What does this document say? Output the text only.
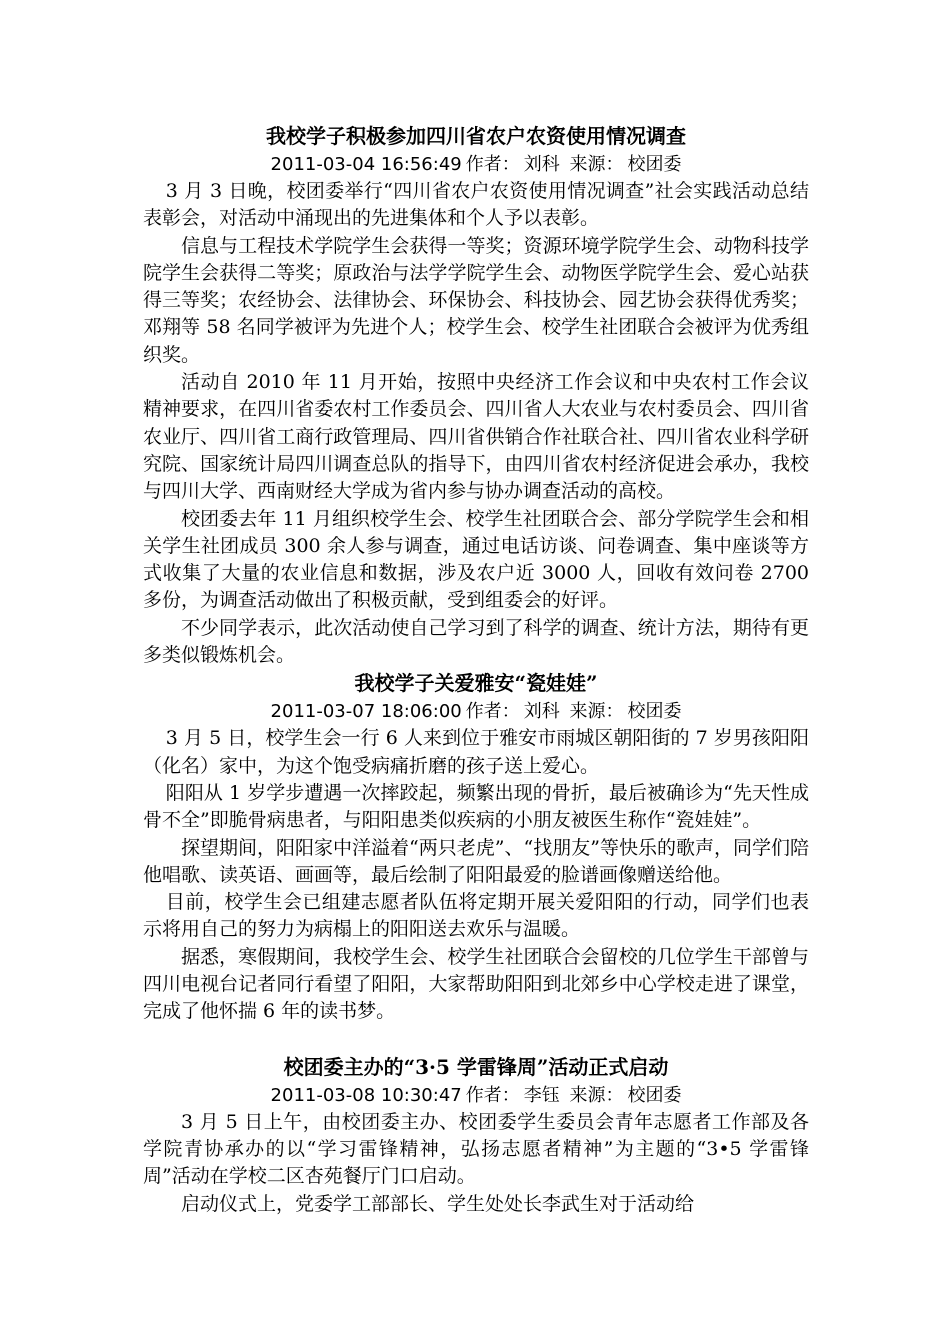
我校学子积极参加四川省农户农资使用情况调查
2011-03-04 16:56:49 作者： 刘科 来源： 校团委

3 月 3 日晚，校团委举行“四川省农户农资使用情况调查”社会实践活动总结表彰会，对活动中涌现出的先进集体和个人予以表彰。

信息与工程技术学院学生会获得一等奖；资源环境学院学生会、动物科技学院学生会获得二等奖；原政治与法学学院学生会、动物医学院学生会、爱心站获得三等奖；农经协会、法律协会、环保协会、科技协会、园艺协会获得优秀奖；邓翔等 58 名同学被评为先进个人；校学生会、校学生社团联合会被评为优秀组织奖。

活动自 2010 年 11 月开始，按照中央经济工作会议和中央农村工作会议精神要求，在四川省委农村工作委员会、四川省人大农业与农村委员会、四川省农业厅、四川省工商行政管理局、四川省供销合作社联合社、四川省农业科学研究院、国家统计局四川调查总队的指导下，由四川省农村经济促进会承办，我校与四川大学、西南财经大学成为省内参与协办调查活动的高校。

校团委去年 11 月组织校学生会、校学生社团联合会、部分学院学生会和相关学生社团成员 300 余人参与调查，通过电话访谈、问卷调查、集中座谈等方式收集了大量的农业信息和数据，涉及农户近 3000 人，回收有效问卷 2700 多份，为调查活动做出了积极贡献，受到组委会的好评。

不少同学表示，此次活动使自己学习到了科学的调查、统计方法，期待有更多类似锻炼机会。

我校学子关爱雅安“瓷娃娃”
2011-03-07 18:06:00 作者： 刘科 来源： 校团委

3 月 5 日，校学生会一行 6 人来到位于雅安市雨城区朝阳街的 7 岁男孩阳阳（化名）家中，为这个饱受病痛折磨的孩子送上爱心。

阳阳从 1 岁学步遭遇一次摔跤起，频繁出现的骨折，最后被确诊为“先天性成骨不全”即脆骨病患者，与阳阳患类似疾病的小朋友被医生称作“瓷娃娃”。

探望期间，阳阳家中洋溢着“两只老虎”、“找朋友”等快乐的歌声，同学们陪他唱歌、读英语、画画等，最后绘制了阳阳最爱的脸谱画像赠送给他。

目前，校学生会已组建志愿者队伍将定期开展关爱阳阳的行动，同学们也表示将用自己的努力为病榻上的阳阳送去欢乐与温暖。

据悉，寒假期间，我校学生会、校学生社团联合会留校的几位学生干部曾与四川电视台记者同行看望了阳阳，大家帮助阳阳到北郊乡中心学校走进了课堂，完成了他怀揣 6 年的读书梦。

校团委主办的“3·5 学雷锋周”活动正式启动
2011-03-08 10:30:47 作者： 李钰 来源： 校团委

3 月 5 日上午，由校团委主办、校团委学生委员会青年志愿者工作部及各学院青协承办的以“学习雷锋精神，弘扬志愿者精神”为主题的“3•5 学雷锋周”活动在学校二区杏苑餐厅门口启动。

启动仪式上，党委学工部部长、学生处处长李武生对于活动给
